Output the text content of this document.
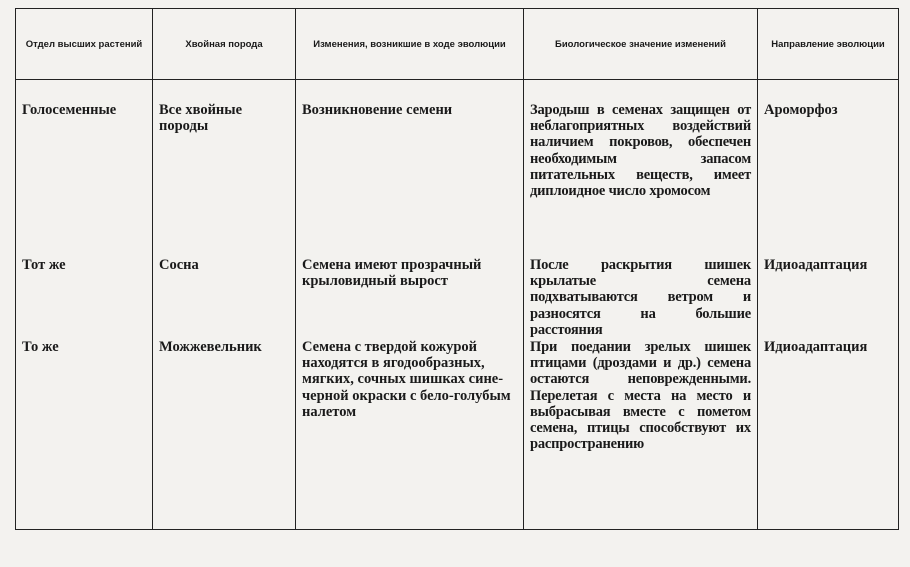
Отдел высших растений	Хвойная порода	Изменения, возникшие в ходе эволюции	Биологическое значение изменений	Направление эволюции
Голосеменные	Все хвойные породы	Возникновение семени	Зародыш в семенах защищен от неблагоприятных воздействий наличием покровов, обеспечен необходимым запасом питательных веществ, имеет диплоидное число хромосом	Ароморфоз
Тот же	Сосна	Семена имеют прозрачный крыловидный вырост	После раскрытия шишек крылатые семена подхватываются ветром и разносятся на большие расстояния	Идиоадаптация
То же	Можжевельник	Семена с твердой кожурой находятся в ягодообразных, мягких, сочных шишках сине-черной окраски с бело-голубым налетом	При поедании зрелых шишек птицами (дроздами и др.) семена остаются неповрежденными. Перелетая с места на место и выбрасывая вместе с пометом семена, птицы способствуют их распространению	Идиоадаптация
